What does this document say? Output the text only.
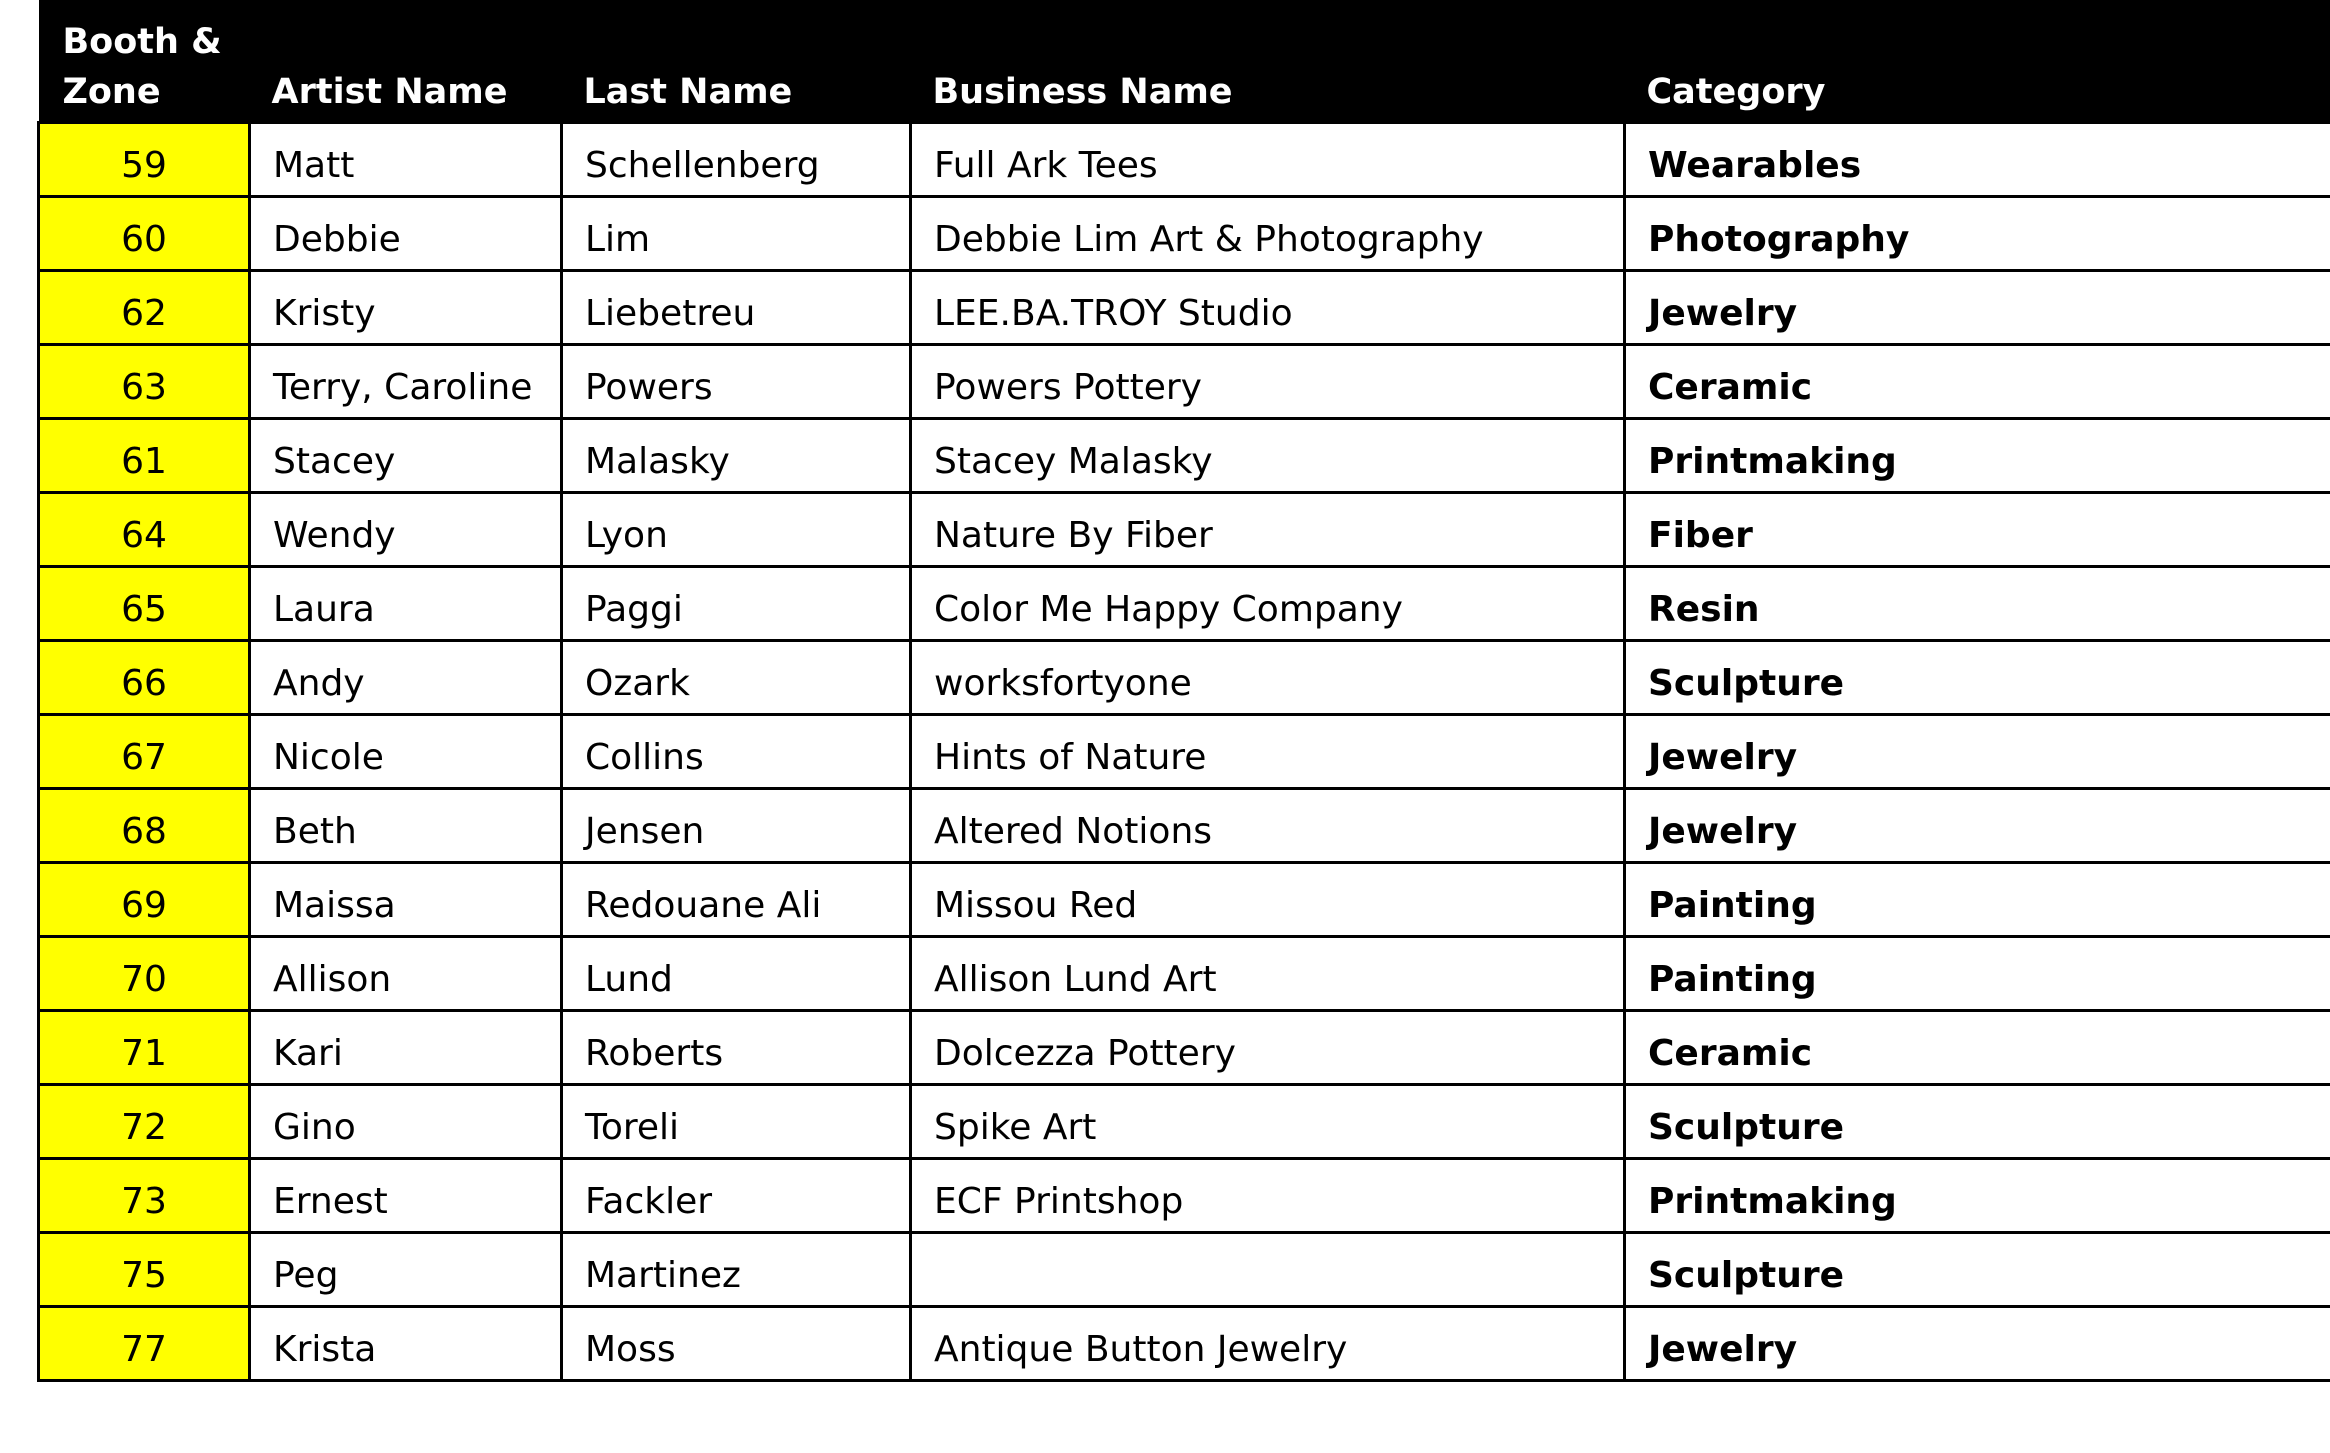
Booth &
Zone	Artist Name	Last Name	Business Name	Category
59	Matt	Schellenberg	Full Ark Tees	Wearables
60	Debbie	Lim	Debbie Lim Art & Photography	Photography
62	Kristy	Liebetreu	LEE.BA.TROY Studio	Jewelry
63	Terry, Caroline	Powers	Powers Pottery	Ceramic
61	Stacey	Malasky	Stacey Malasky	Printmaking
64	Wendy	Lyon	Nature By Fiber	Fiber
65	Laura	Paggi	Color Me Happy Company	Resin
66	Andy	Ozark	worksfortyone	Sculpture
67	Nicole	Collins	Hints of Nature	Jewelry
68	Beth	Jensen	Altered Notions	Jewelry
69	Maissa	Redouane Ali	Missou Red	Painting
70	Allison	Lund	Allison Lund Art	Painting
71	Kari	Roberts	Dolcezza Pottery	Ceramic
72	Gino	Toreli	Spike Art	Sculpture
73	Ernest	Fackler	ECF Printshop	Printmaking
75	Peg	Martinez		Sculpture
77	Krista	Moss	Antique Button Jewelry	Jewelry
